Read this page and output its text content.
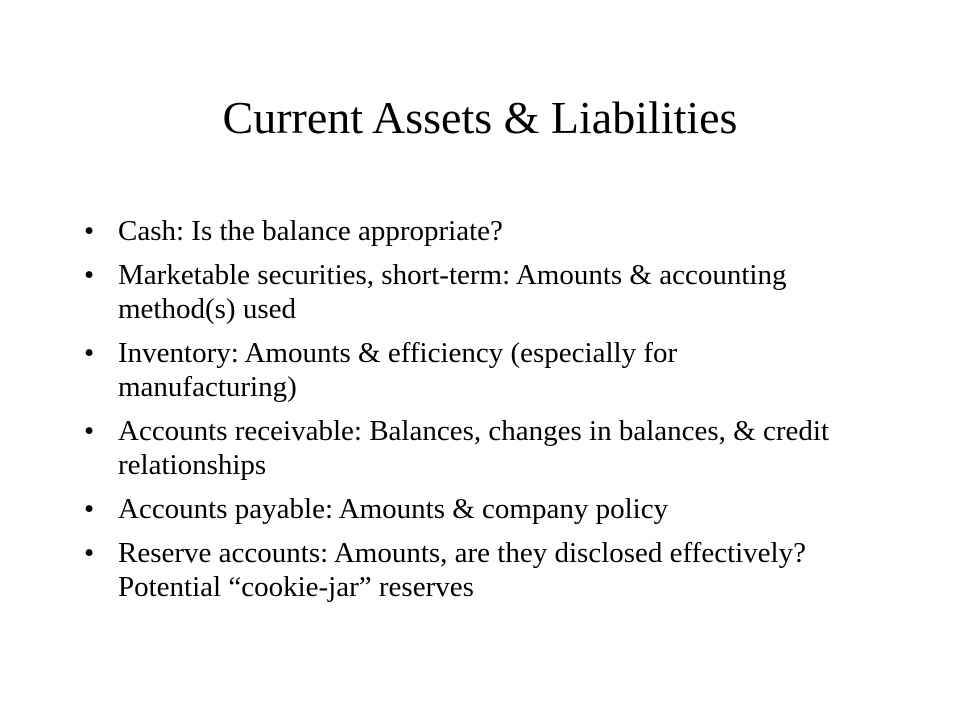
Current Assets & Liabilities
• Cash: Is the balance appropriate?
• Marketable securities, short-term: Amounts & accounting method(s) used
• Inventory: Amounts & efficiency (especially for manufacturing)
• Accounts receivable: Balances, changes in balances, & credit relationships
• Accounts payable: Amounts & company policy
• Reserve accounts: Amounts, are they disclosed effectively? Potential “cookie-jar” reserves
